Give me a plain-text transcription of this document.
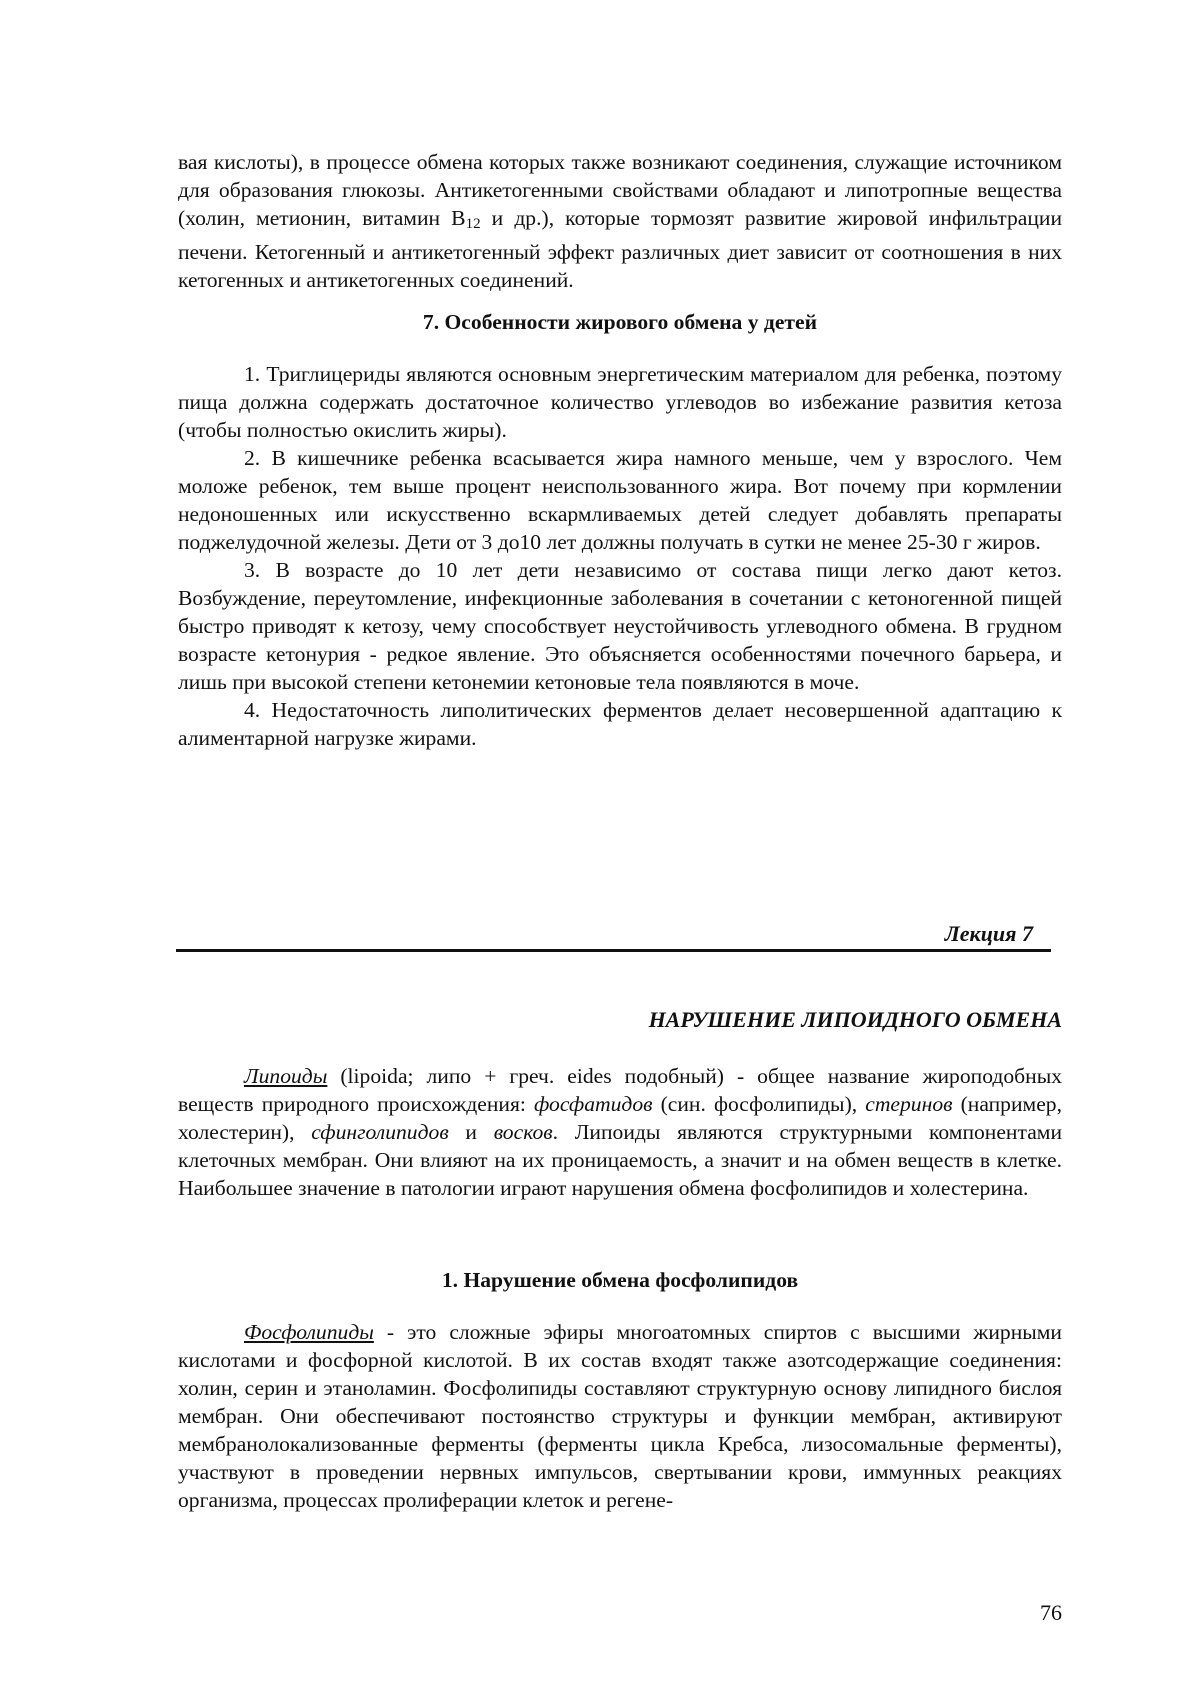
вая кислоты), в процессе обмена которых также возникают соединения, служащие источником для образования глюкозы. Антикетогенными свойствами обладают и липотропные вещества (холин, метионин, витамин $В_{12}$ и др.), которые тормозят развитие жировой инфильтрации печени. Кетогенный и антикетогенный эффект различных диет зависит от соотношения в них кетогенных и антикетогенных соединений.

7. Особенности жирового обмена у детей

1. Триглицериды являются основным энергетическим материалом для ребенка, поэтому пища должна содержать достаточное количество углеводов во избежание развития кетоза (чтобы полностью окислить жиры).

2. В кишечнике ребенка всасывается жира намного меньше, чем у взрослого. Чем моложе ребенок, тем выше процент неиспользованного жира. Вот почему при кормлении недоношенных или искусственно вскармливаемых детей следует добавлять препараты поджелудочной железы. Дети от 3 до10 лет должны получать в сутки не менее 25-30 г жиров.

3. В возрасте до 10 лет дети независимо от состава пищи легко дают кетоз. Возбуждение, переутомление, инфекционные заболевания в сочетании с кетоногенной пищей быстро приводят к кетозу, чему способствует неустойчивость углеводного обмена. В грудном возрасте кетонурия - редкое явление. Это объясняется особенностями почечного барьера, и лишь при высокой степени кетонемии кетоновые тела появляются в моче.

4. Недостаточность липолитических ферментов делает несовершенной адаптацию к алиментарной нагрузке жирами.

Лекция 7
НАРУШЕНИЕ ЛИПОИДНОГО ОБМЕНА

Липоиды (lipoida; липо + греч. eides подобный) - общее название жироподобных веществ природного происхождения: фосфатидов (син. фосфолипиды), стеринов (например, холестерин), сфинголипидов и восков. Липоиды являются структурными компонентами клеточных мембран. Они влияют на их проницаемость, а значит и на обмен веществ в клетке. Наибольшее значение в патологии играют нарушения обмена фосфолипидов и холестерина.

1. Нарушение обмена фосфолипидов

Фосфолипиды - это сложные эфиры многоатомных спиртов с высшими жирными кислотами и фосфорной кислотой. В их состав входят также азотсодержащие соединения: холин, серин и этаноламин. Фосфолипиды составляют структурную основу липидного бислоя мембран. Они обеспечивают постоянство структуры и функции мембран, активируют мембранолокализованные ферменты (ферменты цикла Кребса, лизосомальные ферменты), участвуют в проведении нервных импульсов, свертывании крови, иммунных реакциях организма, процессах пролиферации клеток и регене-

76
